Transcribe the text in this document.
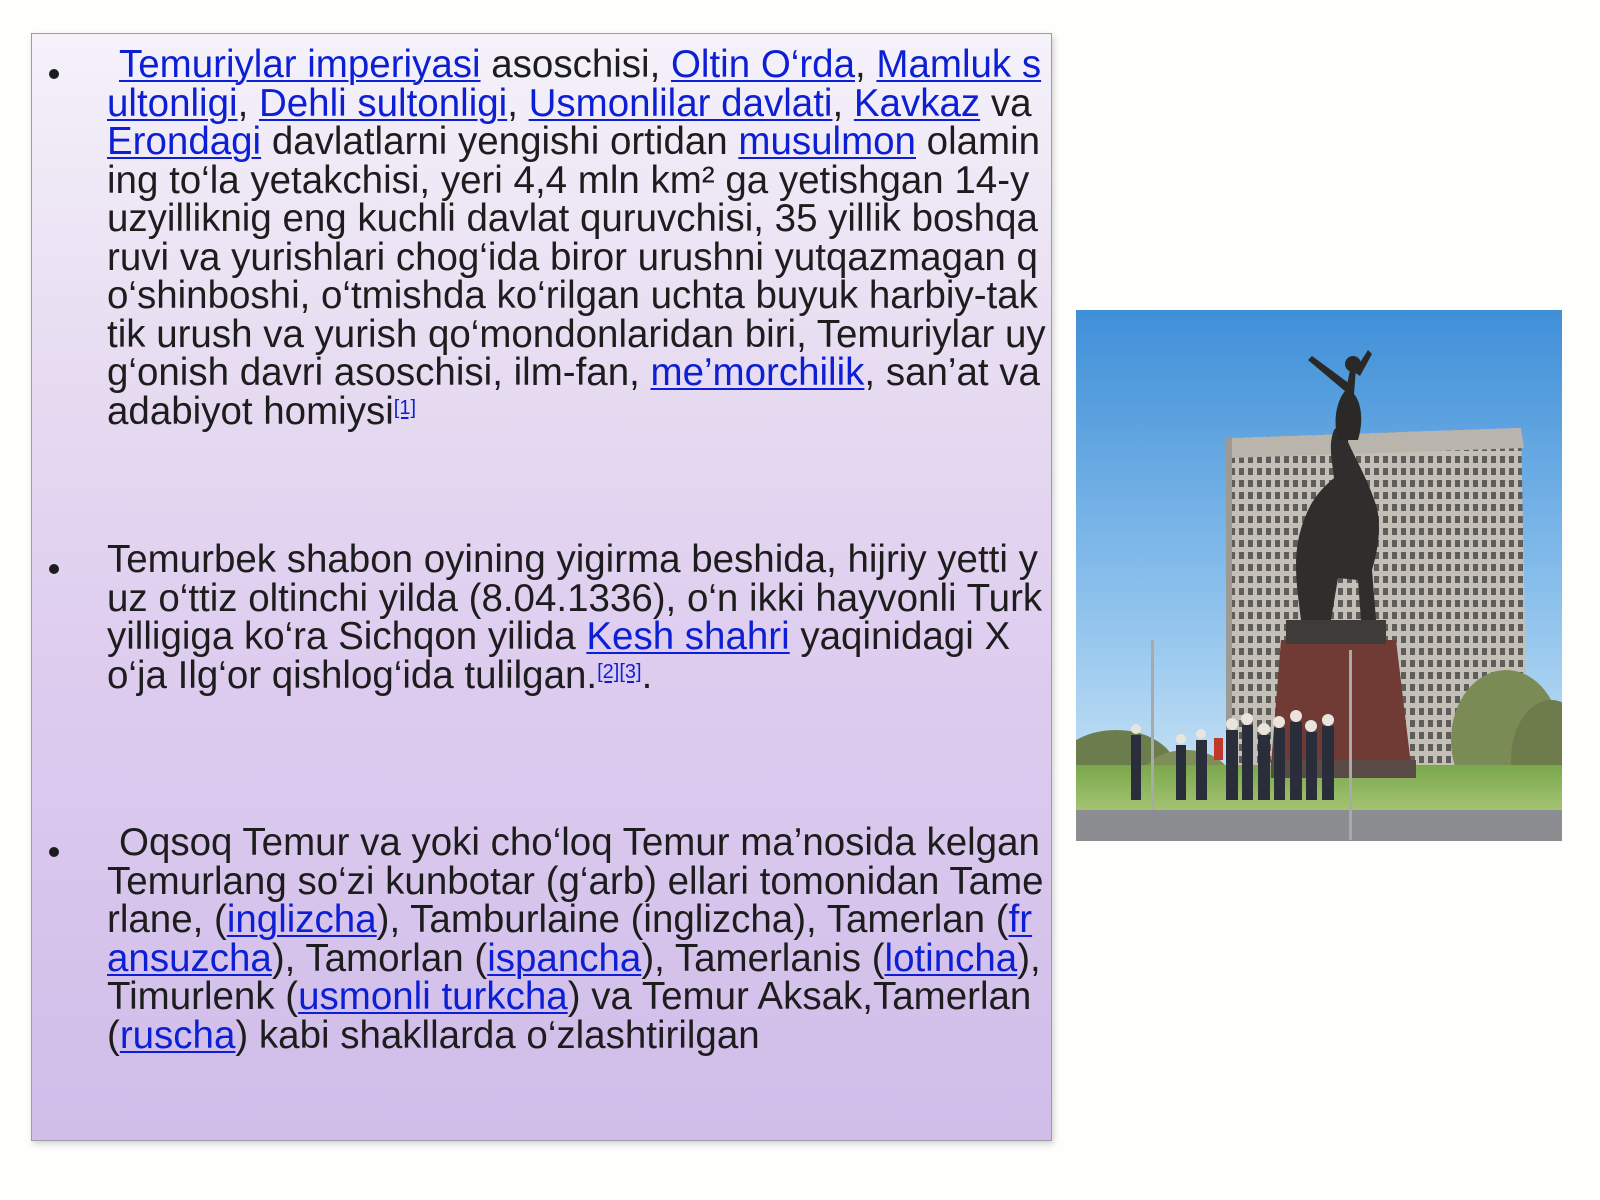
Temuriylar imperiyasi asoschisi, Oltin O‘rda, Mamluk sultonligi, Dehli sultonligi, Usmonlilar davlati, Kavkaz va Erondagi davlatlarni yengishi ortidan musulmon olamining to‘la yetakchisi, yeri 4,4 mln km² ga yetishgan 14-yuzyilliknig eng kuchli davlat quruvchisi, 35 yillik boshqaruvi va yurishlari chog‘ida biror urushni yutqazmagan qo‘shinboshi, o‘tmishda ko‘rilgan uchta buyuk harbiy-taktik urush va yurish qo‘mondonlaridan biri, Temuriylar uyg‘onish davri asoschisi, ilm-fan, me’morchilik, san’at va adabiyot homiysi[1]

Temurbek shabon oyining yigirma beshida, hijriy yetti yuz o‘ttiz oltinchi yilda (8.04.1336), o‘n ikki hayvonli Turk yilligiga ko‘ra Sichqon yilida Kesh shahri yaqinidagi Xo‘ja Ilg‘or qishlog‘ida tulilgan.[2][3].

Oqsoq Temur va yoki cho‘loq Temur ma’nosida kelgan Temurlang so‘zi kunbotar (g‘arb) ellari tomonidan Tamerlane, (inglizcha), Tamburlaine (inglizcha), Tamerlan (fransuzcha), Tamorlan (ispancha), Tamerlanis (lotincha), Timurlenk (usmonli turkcha) va Temur Aksak,Tamerlan (ruscha) kabi shakllarda o‘zlashtirilgan
